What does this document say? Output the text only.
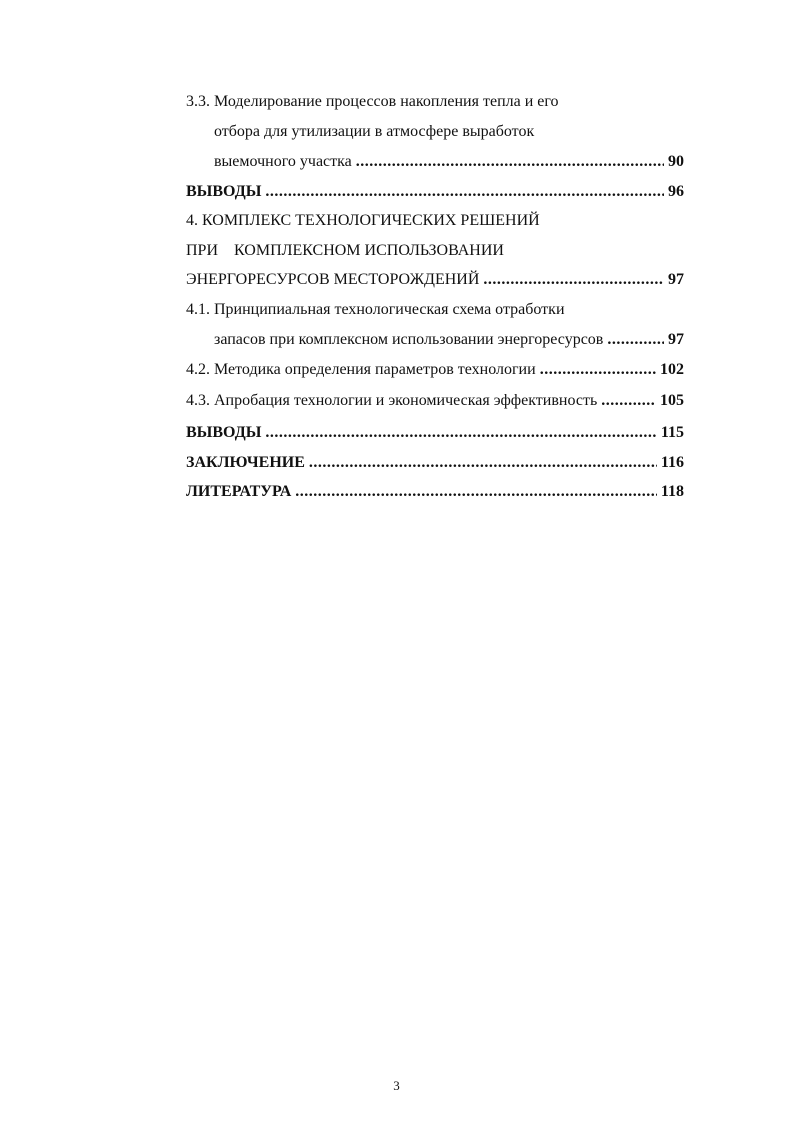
3.3. Моделирование процессов накопления тепла и его
отбора для утилизации в атмосфере выработок
выемочного участка .....	90
ВЫВОДЫ .....	96
4. КОМПЛЕКС ТЕХНОЛОГИЧЕСКИХ РЕШЕНИЙ
ПРИ КОМПЛЕКСНОМ ИСПОЛЬЗОВАНИИ
ЭНЕРГОРЕСУРСОВ МЕСТОРОЖДЕНИЙ .....	97
4.1. Принципиальная технологическая схема отработки
запасов при комплексном использовании энергоресурсов .....	97
4.2. Методика определения параметров технологии .....	102
4.3. Апробация технологии и экономическая эффективность .....	105
ВЫВОДЫ .....	115
ЗАКЛЮЧЕНИЕ .....	116
ЛИТЕРАТУРА .....	118
3
